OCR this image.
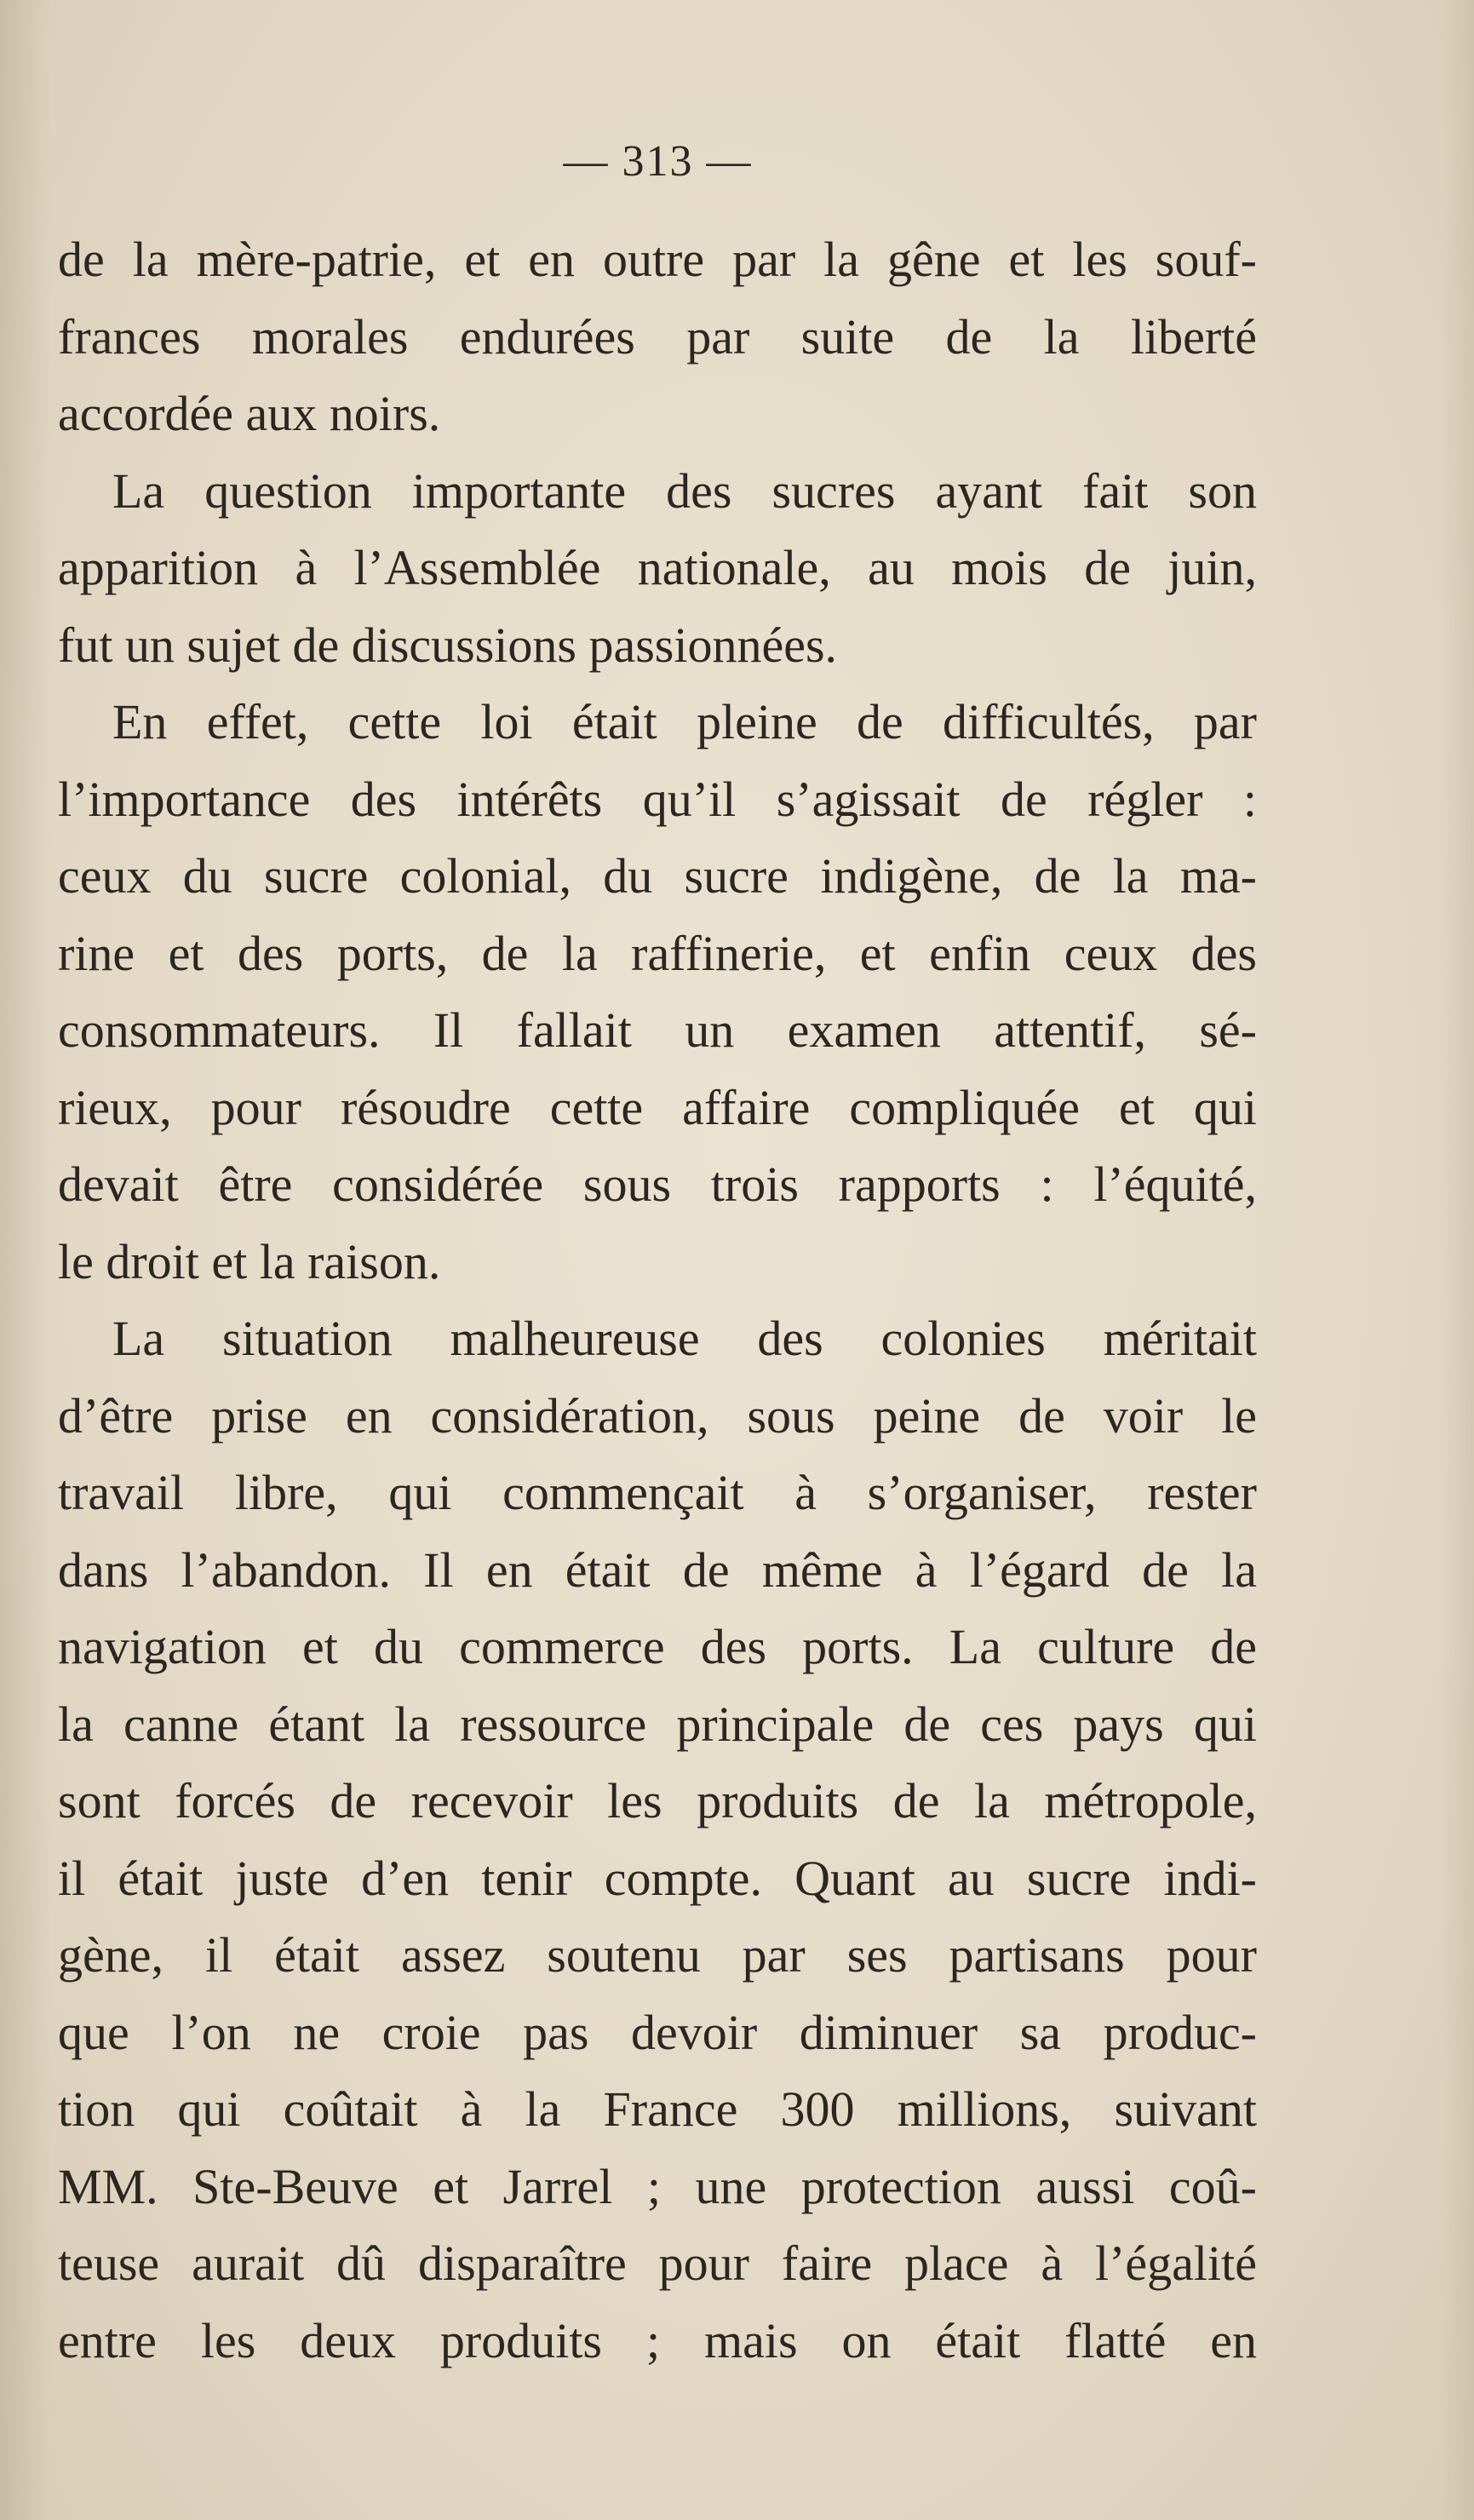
— 313 —
de la mère-patrie, et en outre par la gêne et les souf-
frances morales endurées par suite de la liberté
accordée aux noirs.
La question importante des sucres ayant fait son
apparition à l’Assemblée nationale, au mois de juin,
fut un sujet de discussions passionnées.
En effet, cette loi était pleine de difficultés, par
l’importance des intérêts qu’il s’agissait de régler :
ceux du sucre colonial, du sucre indigène, de la ma-
rine et des ports, de la raffinerie, et enfin ceux des
consommateurs. Il fallait un examen attentif, sé-
rieux, pour résoudre cette affaire compliquée et qui
devait être considérée sous trois rapports : l’équité,
le droit et la raison.
La situation malheureuse des colonies méritait
d’être prise en considération, sous peine de voir le
travail libre, qui commençait à s’organiser, rester
dans l’abandon. Il en était de même à l’égard de la
navigation et du commerce des ports. La culture de
la canne étant la ressource principale de ces pays qui
sont forcés de recevoir les produits de la métropole,
il était juste d’en tenir compte. Quant au sucre indi-
gène, il était assez soutenu par ses partisans pour
que l’on ne croie pas devoir diminuer sa produc-
tion qui coûtait à la France 300 millions, suivant
MM. Ste-Beuve et Jarrel ; une protection aussi coû-
teuse aurait dû disparaître pour faire place à l’égalité
entre les deux produits ; mais on était flatté en
